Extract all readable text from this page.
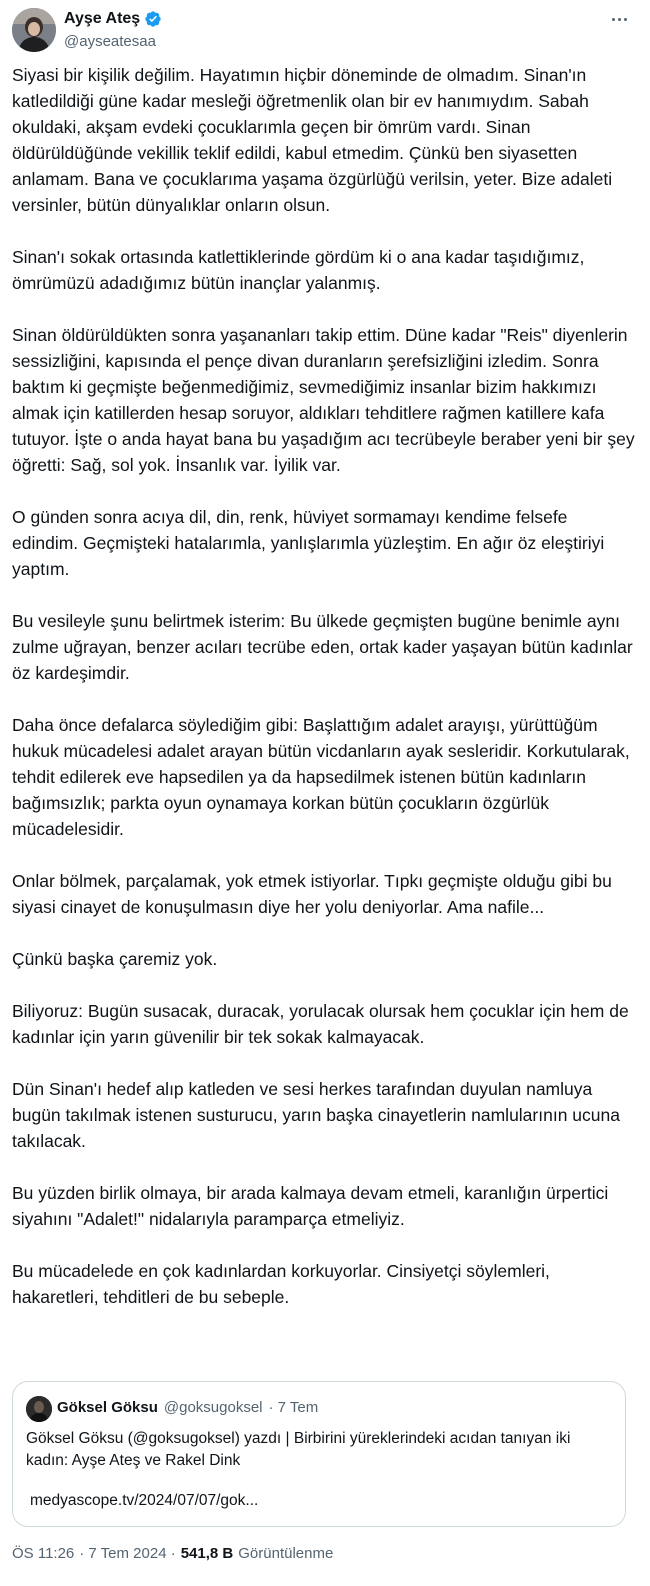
Ayşe Ateş
@ayseatesaa

Siyasi bir kişilik değilim. Hayatımın hiçbir döneminde de olmadım. Sinan'ın katledildiği güne kadar mesleği öğretmenlik olan bir ev hanımıydım. Sabah okuldaki, akşam evdeki çocuklarımla geçen bir ömrüm vardı. Sinan öldürüldüğünde vekillik teklif edildi, kabul etmedim. Çünkü ben siyasetten anlamam. Bana ve çocuklarıma yaşama özgürlüğü verilsin, yeter. Bize adaleti versinler, bütün dünyalıklar onların olsun.

Sinan'ı sokak ortasında katlettiklerinde gördüm ki o ana kadar taşıdığımız, ömrümüzü adadığımız bütün inançlar yalanmış.

Sinan öldürüldükten sonra yaşananları takip ettim. Düne kadar "Reis" diyenlerin sessizliğini, kapısında el pençe divan duranların şerefsizliğini izledim. Sonra baktım ki geçmişte beğenmediğimiz, sevmediğimiz insanlar bizim hakkımızı almak için katillerden hesap soruyor, aldıkları tehditlere rağmen katillere kafa tutuyor. İşte o anda hayat bana bu yaşadığım acı tecrübeyle beraber yeni bir şey öğretti: Sağ, sol yok. İnsanlık var. İyilik var.

O günden sonra acıya dil, din, renk, hüviyet sormamayı kendime felsefe edindim. Geçmişteki hatalarımla, yanlışlarımla yüzleştim. En ağır öz eleştiriyi yaptım.

Bu vesileyle şunu belirtmek isterim: Bu ülkede geçmişten bugüne benimle aynı zulme uğrayan, benzer acıları tecrübe eden, ortak kader yaşayan bütün kadınlar öz kardeşimdir.

Daha önce defalarca söylediğim gibi: Başlattığım adalet arayışı, yürüttüğüm hukuk mücadelesi adalet arayan bütün vicdanların ayak sesleridir. Korkutularak, tehdit edilerek eve hapsedilen ya da hapsedilmek istenen bütün kadınların bağımsızlık; parkta oyun oynamaya korkan bütün çocukların özgürlük mücadelesidir.

Onlar bölmek, parçalamak, yok etmek istiyorlar. Tıpkı geçmişte olduğu gibi bu siyasi cinayet de konuşulmasın diye her yolu deniyorlar. Ama nafile...

Çünkü başka çaremiz yok.

Biliyoruz: Bugün susacak, duracak, yorulacak olursak hem çocuklar için hem de kadınlar için yarın güvenilir bir tek sokak kalmayacak.

Dün Sinan'ı hedef alıp katleden ve sesi herkes tarafından duyulan namluya bugün takılmak istenen susturucu, yarın başka cinayetlerin namlularının ucuna takılacak.

Bu yüzden birlik olmaya, bir arada kalmaya devam etmeli, karanlığın ürpertici siyahını "Adalet!" nidalarıyla paramparça etmeliyiz.

Bu mücadelede en çok kadınlardan korkuyorlar. Cinsiyetçi söylemleri, hakaretleri, tehditleri de bu sebeple.

Göksel Göksu @goksugoksel · 7 Tem
Göksel Göksu (@goksugoksel) yazdı | Birbirini yüreklerindeki acıdan tanıyan iki kadın: Ayşe Ateş ve Rakel Dink
medyascope.tv/2024/07/07/gok...
ÖS 11:26 · 7 Tem 2024 · 541,8 B Görüntülenme
